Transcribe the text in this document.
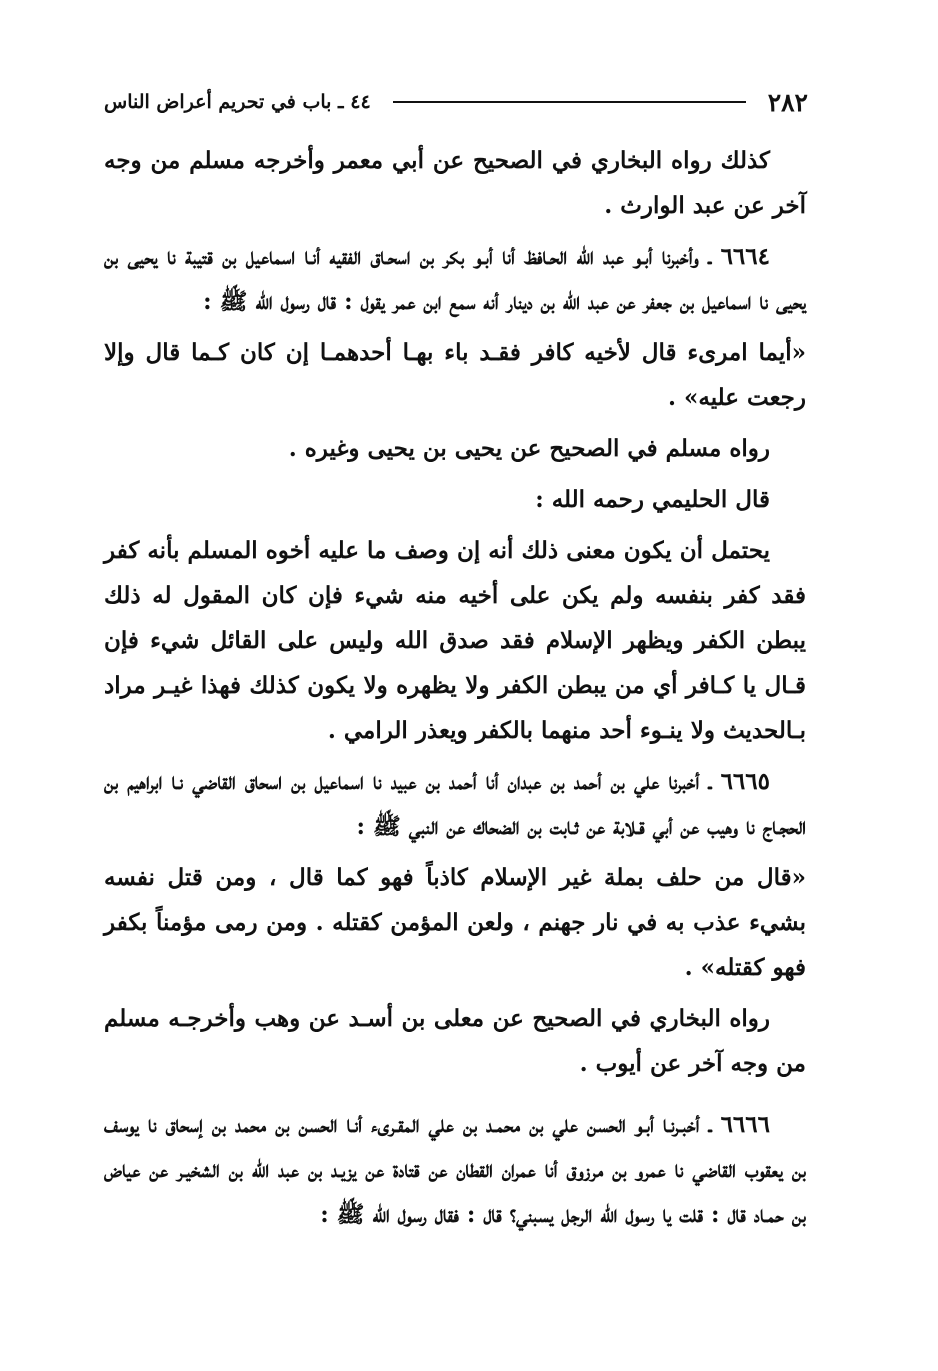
٢٨٢
٤٤ ـ باب في تحريم أعراض الناس

كذلك رواه البخاري في الصحيح عن أبي معمر وأخرجه مسلم من وجه آخر عن عبد الوارث .

٦٦٦٤ ـ وأخبرنا أبـو عبد الله الحـافظ أنا أبـو بكر بن اسحـاق الفقيه أنـا اسماعيل بن قتيبة نا يحيى بن يحيى نا اسماعيل بن جعفر عن عبد الله بن دينار أنه سمع ابن عمر يقول : قال رسول الله ﷺ :

«أيما امرىء قال لأخيه كافر فقـد باء بهـا أحدهمـا إن كان كـما قال وإلا رجعت عليه» .

رواه مسلم في الصحيح عن يحيى بن يحيى وغيره .

قال الحليمي رحمه الله :

يحتمل أن يكون معنى ذلك أنه إن وصف ما عليه أخوه المسلم بأنه كفر فقد كفر بنفسه ولم يكن على أخيه منه شيء فإن كان المقول له ذلك يبطن الكفر ويظهر الإسلام فقد صدق الله وليس على القائل شيء فإن قـال يا كـافر أي من يبطن الكفر ولا يظهره ولا يكون كذلك فهذا غيـر مراد بـالحديث ولا ينـوء أحد منهما بالكفر ويعذر الرامي .

٦٦٦٥ ـ أخبرنا علي بن أحمد بن عبدان أنا أحمد بن عبيد نا اسماعيل بن اسحاق القاضي نـا ابراهيم بن الحجـاج نا وهيب عن أبي قـلابة عن ثـابت بن الضحاك عن النبي ﷺ :

«قال من حلف بملة غير الإسلام كاذباً فهو كما قال ، ومن قتل نفسه بشيء عذب به في نار جهنم ، ولعن المؤمن كقتله . ومن رمى مؤمناً بكفر فهو كقتله» .

رواه البخاري في الصحيح عن معلى بن أسـد عن وهب وأخرجـه مسلم من وجه آخر عن أيوب .

٦٦٦٦ ـ أخبـرنـا أبـو الحسن علي بن محمـد بن علي المقـرىء أنـا الحسن بن محمد بن إسحاق نا يوسف بن يعقوب القاضي نا عمرو بن مرزوق أنا عمران القطان عن قتادة عن يزيـد بن عبد الله بن الشخيـر عن عياض بن حمـاد قال : قلت يا رسول الله الرجل يسبني؟ قال : فقال رسول الله ﷺ :
